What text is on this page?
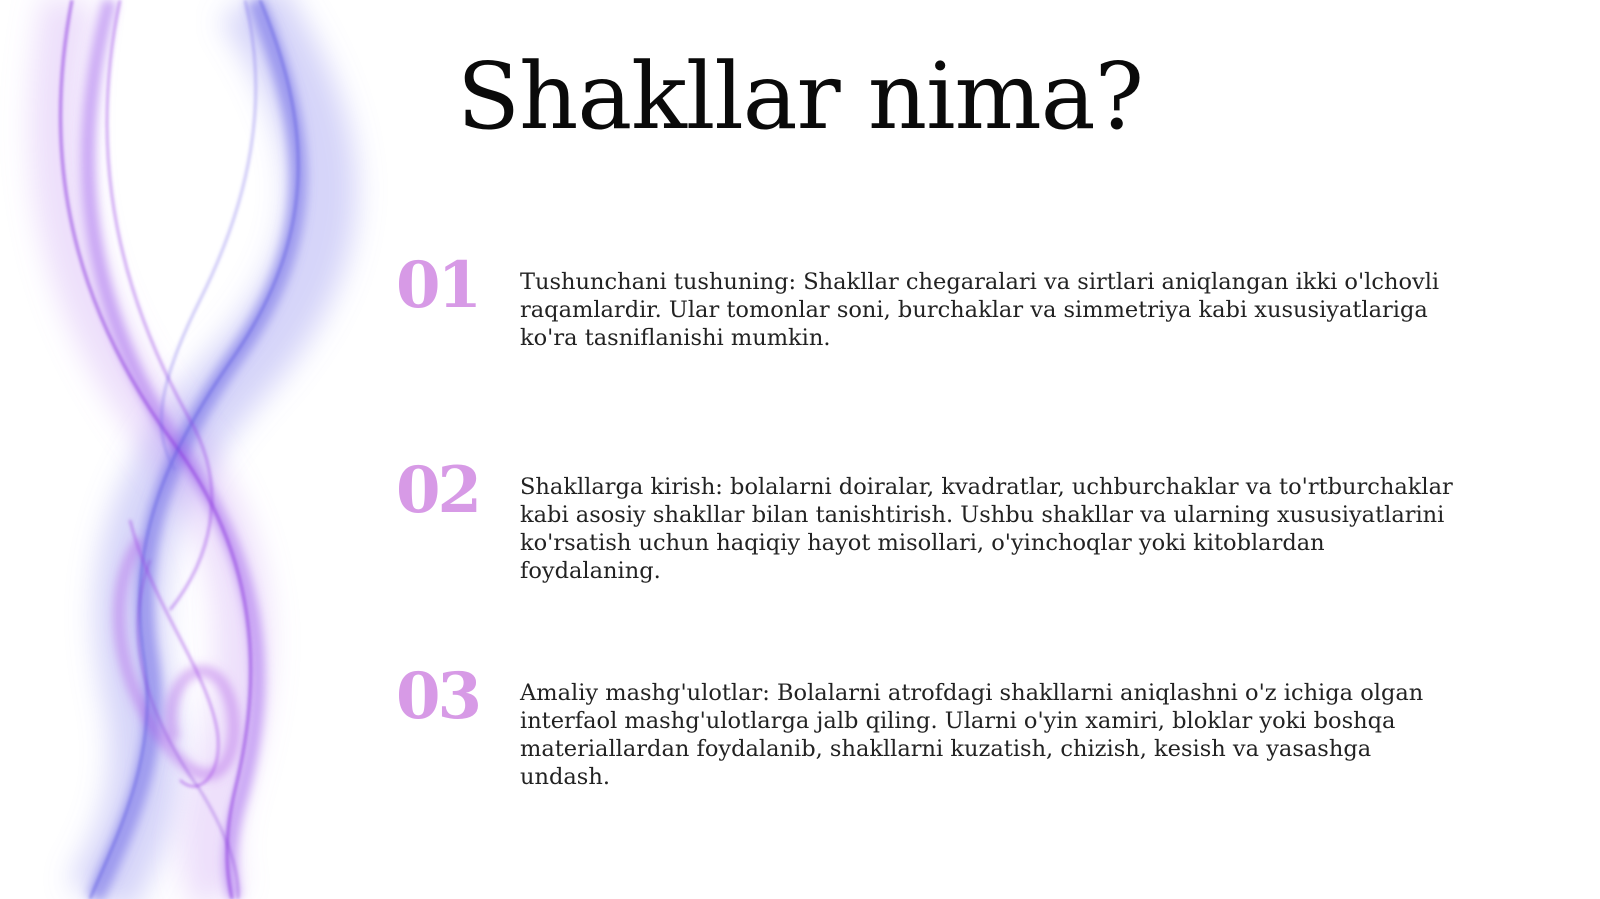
Shakllar nima?
01 Tushunchani tushuning: Shakllar chegaralari va sirtlari aniqlangan ikki o'lchovli raqamlardir. Ular tomonlar soni, burchaklar va simmetriya kabi xususiyatlariga ko'ra tasniflanishi mumkin.
02 Shakllarga kirish: bolalarni doiralar, kvadratlar, uchburchaklar va to'rtburchaklar kabi asosiy shakllar bilan tanishtirish. Ushbu shakllar va ularning xususiyatlarini ko'rsatish uchun haqiqiy hayot misollari, o'yinchoqlar yoki kitoblardan foydalaning.
03 Amaliy mashg'ulotlar: Bolalarni atrofdagi shakllarni aniqlashni o'z ichiga olgan interfaol mashg'ulotlarga jalb qiling. Ularni o'yin xamiri, bloklar yoki boshqa materiallardan foydalanib, shakllarni kuzatish, chizish, kesish va yasashga undash.
